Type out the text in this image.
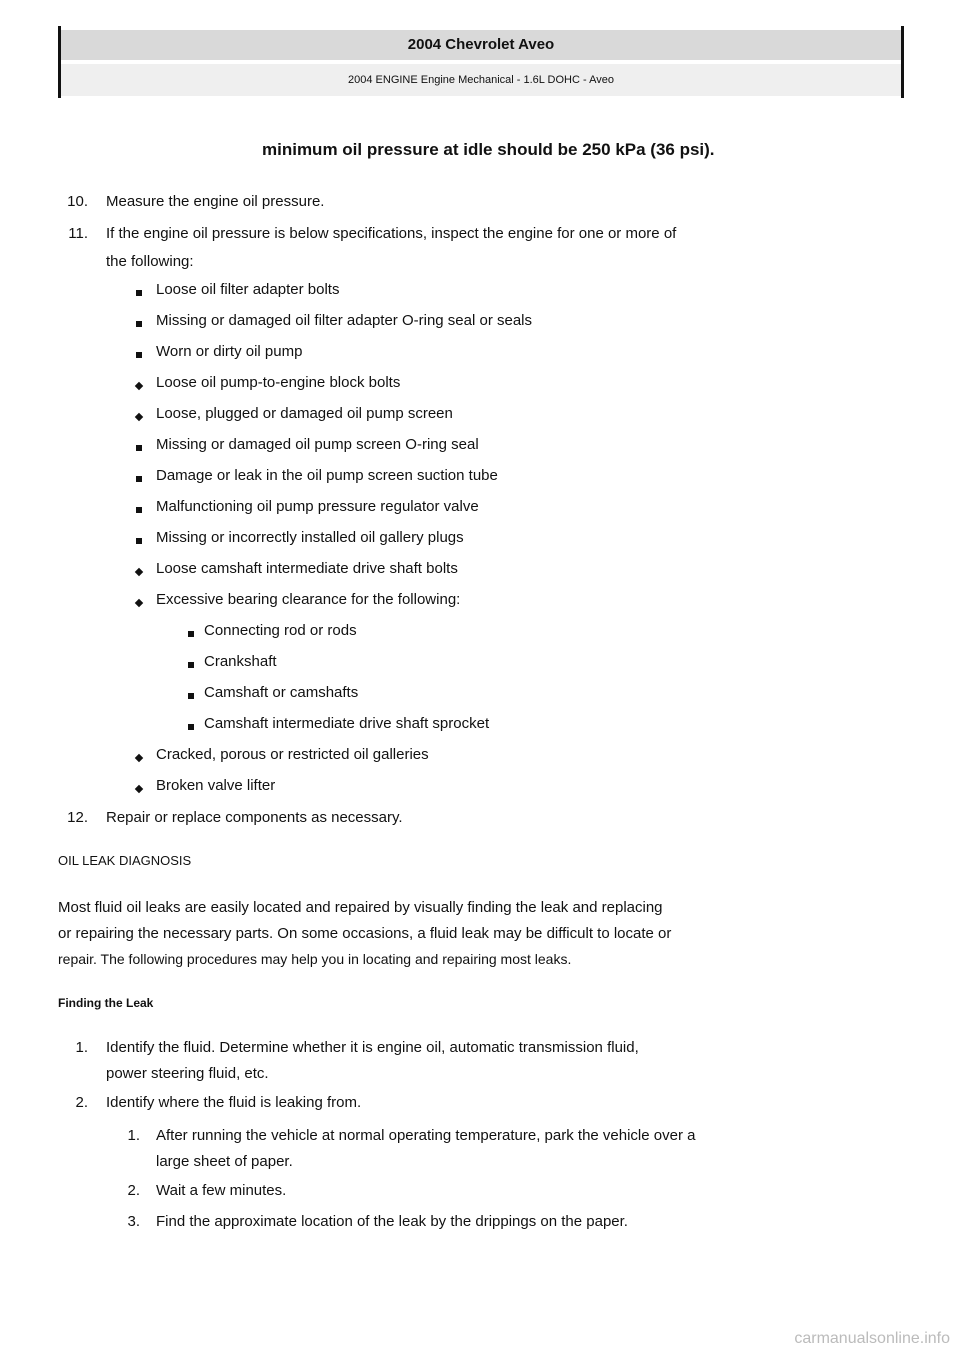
2004 Chevrolet Aveo
2004 ENGINE Engine Mechanical - 1.6L DOHC - Aveo
minimum oil pressure at idle should be 250 kPa (36 psi).
10. Measure the engine oil pressure.
11. If the engine oil pressure is below specifications, inspect the engine for one or more of
the following:
Loose oil filter adapter bolts
Missing or damaged oil filter adapter O-ring seal or seals
Worn or dirty oil pump
Loose oil pump-to-engine block bolts
Loose, plugged or damaged oil pump screen
Missing or damaged oil pump screen O-ring seal
Damage or leak in the oil pump screen suction tube
Malfunctioning oil pump pressure regulator valve
Missing or incorrectly installed oil gallery plugs
Loose camshaft intermediate drive shaft bolts
Excessive bearing clearance for the following:
Connecting rod or rods
Crankshaft
Camshaft or camshafts
Camshaft intermediate drive shaft sprocket
Cracked, porous or restricted oil galleries
Broken valve lifter
12. Repair or replace components as necessary.
OIL LEAK DIAGNOSIS
Most fluid oil leaks are easily located and repaired by visually finding the leak and replacing
or repairing the necessary parts. On some occasions, a fluid leak may be difficult to locate or
repair. The following procedures may help you in locating and repairing most leaks.
Finding the Leak
1. Identify the fluid. Determine whether it is engine oil, automatic transmission fluid,
power steering fluid, etc.
2. Identify where the fluid is leaking from.
1. After running the vehicle at normal operating temperature, park the vehicle over a
large sheet of paper.
2. Wait a few minutes.
3. Find the approximate location of the leak by the drippings on the paper.
carmanualsonline.info
